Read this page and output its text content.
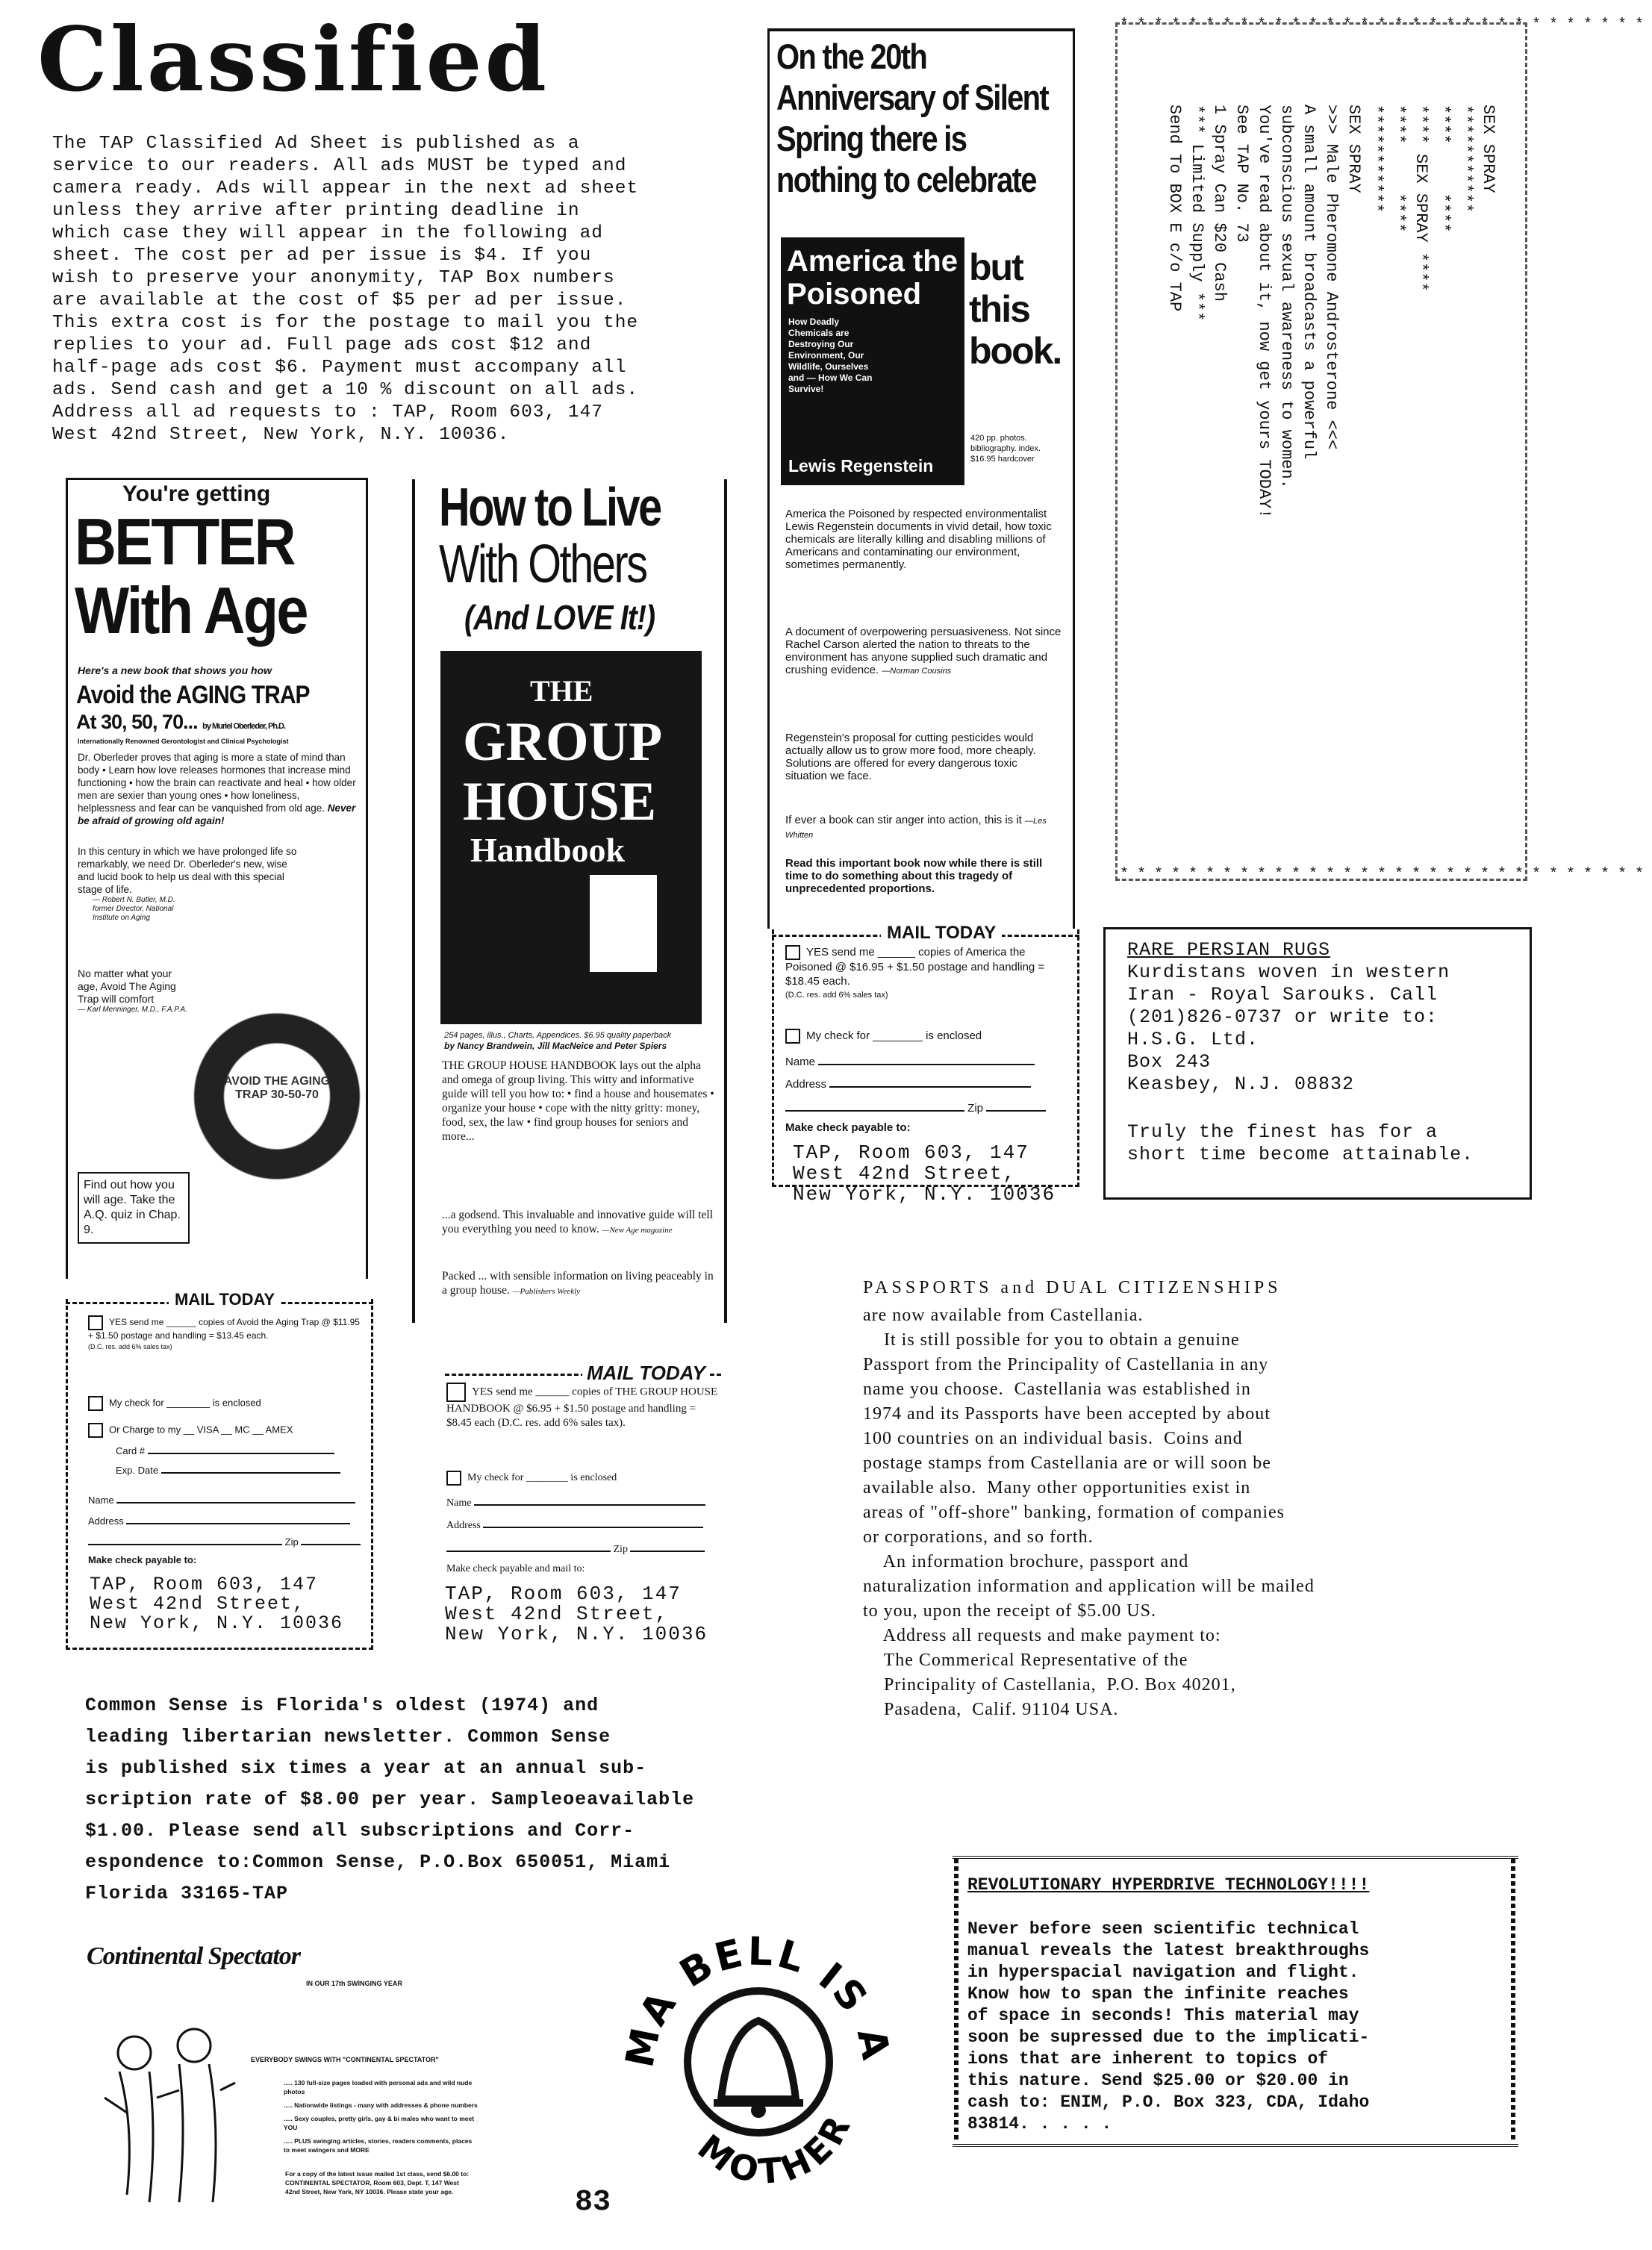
Classified
The TAP Classified Ad Sheet is published as a
service to our readers. All ads MUST be typed and
camera ready. Ads will appear in the next ad sheet
unless they arrive after printing deadline in
which case they will appear in the following ad
sheet. The cost per ad per issue is $4. If you
wish to preserve your anonymity, TAP Box numbers
are available at the cost of $5 per ad per issue.
This extra cost is for the postage to mail you the
replies to your ad. Full page ads cost $12 and
half-page ads cost $6. Payment must accompany all
ads. Send cash and get a 10 % discount on all ads.
Address all ad requests to : TAP, Room 603, 147
West 42nd Street, New York, N.Y. 10036.
On the 20th Anniversary of Silent Spring there is nothing to celebrate
America the Poisoned
How Deadly Chemicals are Destroying Our Environment, Our Wildlife, Ourselves and — How We Can Survive!
Lewis Regenstein
but this book.
420 pp. photos. bibliography. index. $16.95 hardcover
America the Poisoned by respected environmentalist Lewis Regenstein documents in vivid detail, how toxic chemicals are literally killing and disabling millions of Americans and contaminating our environment, sometimes permanently.
A document of overpowering persuasiveness. Not since Rachel Carson alerted the nation to threats to the environment has anyone supplied such dramatic and crushing evidence. —Norman Cousins
Regenstein's proposal for cutting pesticides would actually allow us to grow more food, more cheaply. Solutions are offered for every dangerous toxic situation we face.
If ever a book can stir anger into action, this is it —Les Whitten
Read this important book now while there is still time to do something about this tragedy of unprecedented proportions.
MAIL TODAY
YES send me ______ copies of America the Poisoned @ $16.95 + $1.50 postage and handling = $18.45 each.
(D.C. res. add 6% sales tax)
My check for ________ is enclosed
Name
Address
Zip
Make check payable to:
TAP, Room 603, 147
West 42nd Street,
New York, N.Y. 10036
*******************************
*******************************
SEX SPRAY
***********
****     ****
**** SEX SPRAY ****
****     ****
***********
SEX SPRAY
>>> Male Pheromone Androsterone <<<
A small amount broadcasts a powerful
subconscious sexual awareness to women.
You've read about it, now get yours TODAY!
See TAP No. 73
1 Spray Can $20 Cash
*** Limited Supply ***
Send To BOX E c/o TAP
You're getting
BETTER
With Age
Here's a new book that shows you how
Avoid the AGING TRAP
At 30, 50, 70... by Muriel Oberleder, Ph.D.
Internationally Renowned Gerontologist and Clinical Psychologist
Dr. Oberleder proves that aging is more a state of mind than body • Learn how love releases hormones that increase mind functioning • how the brain can reactivate and heal • how older men are sexier than young ones • how loneliness, helplessness and fear can be vanquished from old age. Never be afraid of growing old again!
In this century in which we have prolonged life so remarkably, we need Dr. Oberleder's new, wise and lucid book to help us deal with this special stage of life.
— Robert N. Butler, M.D. former Director, National Institute on Aging
No matter what your age, Avoid The Aging Trap will comfort
— Karl Menninger, M.D., F.A.P.A.
AVOID THE AGING TRAP 30-50-70
Find out how you will age. Take the A.Q. quiz in Chap. 9.
MAIL TODAY
YES send me ______ copies of Avoid the Aging Trap @ $11.95 + $1.50 postage and handling = $13.45 each.
(D.C. res. add 6% sales tax)
My check for ________ is enclosed
Or Charge to my __ VISA __ MC __ AMEX
Card #
Exp. Date
Name
Address
Zip
Make check payable to:
TAP, Room 603, 147
West 42nd Street,
New York, N.Y. 10036
How to Live
With Others
(And LOVE It!)
THE
GROUP
HOUSE
Handbook
254 pages, illus., Charts, Appendices. $6.95 quality paperback
by Nancy Brandwein, Jill MacNeice and Peter Spiers
THE GROUP HOUSE HANDBOOK lays out the alpha and omega of group living. This witty and informative guide will tell you how to: • find a house and housemates • organize your house • cope with the nitty gritty: money, food, sex, the law • find group houses for seniors and more...
...a godsend. This invaluable and innovative guide will tell you everything you need to know. —New Age magazine
Packed ... with sensible information on living peaceably in a group house. —Publishers Weekly
MAIL TODAY
YES send me ______ copies of THE GROUP HOUSE HANDBOOK @ $6.95 + $1.50 postage and handling = $8.45 each (D.C. res. add 6% sales tax).
My check for ________ is enclosed
Name
Address
Zip
Make check payable and mail to:
TAP, Room 603, 147
West 42nd Street,
New York, N.Y. 10036
RARE PERSIAN RUGS
Kurdistans woven in western
Iran - Royal Sarouks. Call
(201)826-0737 or write to:
H.S.G. Ltd.
Box 243
Keasbey, N.J. 08832
Truly the finest has for a
short time become attainable.
PASSPORTS and DUAL CITIZENSHIPS
are now available from Castellania.
It is still possible for you to obtain a genuine
Passport from the Principality of Castellania in any
name you choose.  Castellania was established in
1974 and its Passports have been accepted by about
100 countries on an individual basis.  Coins and
postage stamps from Castellania are or will soon be
available also.  Many other opportunities exist in
areas of "off-shore" banking, formation of companies
or corporations, and so forth.
An information brochure, passport and
naturalization information and application will be mailed
to you, upon the receipt of $5.00 US.
Address all requests and make payment to:
The Commerical Representative of the
Principality of Castellania,  P.O. Box 40201,
Pasadena,  Calif. 91104 USA.
Common Sense is Florida's oldest (1974) and
leading libertarian newsletter. Common Sense
is published six times a year at an annual sub-
scription rate of $8.00 per year. Sampleoeavailable
$1.00. Please send all subscriptions and Corr-
espondence to:Common Sense, P.O.Box 650051, Miami
Florida 33165-TAP
Continental Spectator
IN OUR 17th SWINGING YEAR
EVERYBODY SWINGS WITH "CONTINENTAL SPECTATOR"
..... 130 full-size pages loaded with personal ads and wild nude photos
..... Nationwide listings - many with addresses & phone numbers
..... Sexy couples, pretty girls, gay & bi males who want to meet YOU
..... PLUS swinging articles, stories, readers comments, places to meet swingers and MORE
For a copy of the latest issue mailed 1st class, send $6.00 to: CONTINENTAL SPECTATOR, Room 603, Dept. T, 147 West 42nd Street, New York, NY 10036. Please state your age.
A BELL IS
MOTHER
83
REVOLUTIONARY HYPERDRIVE TECHNOLOGY!!!!
Never before seen scientific technical
manual reveals the latest breakthroughs
in hyperspacial navigation and flight.
Know how to span the infinite reaches
of space in seconds! This material may
soon be supressed due to the implicati-
ions that are inherent to topics of
this nature. Send $25.00 or $20.00 in
cash to: ENIM, P.O. Box 323, CDA, Idaho
83814. . . . .
